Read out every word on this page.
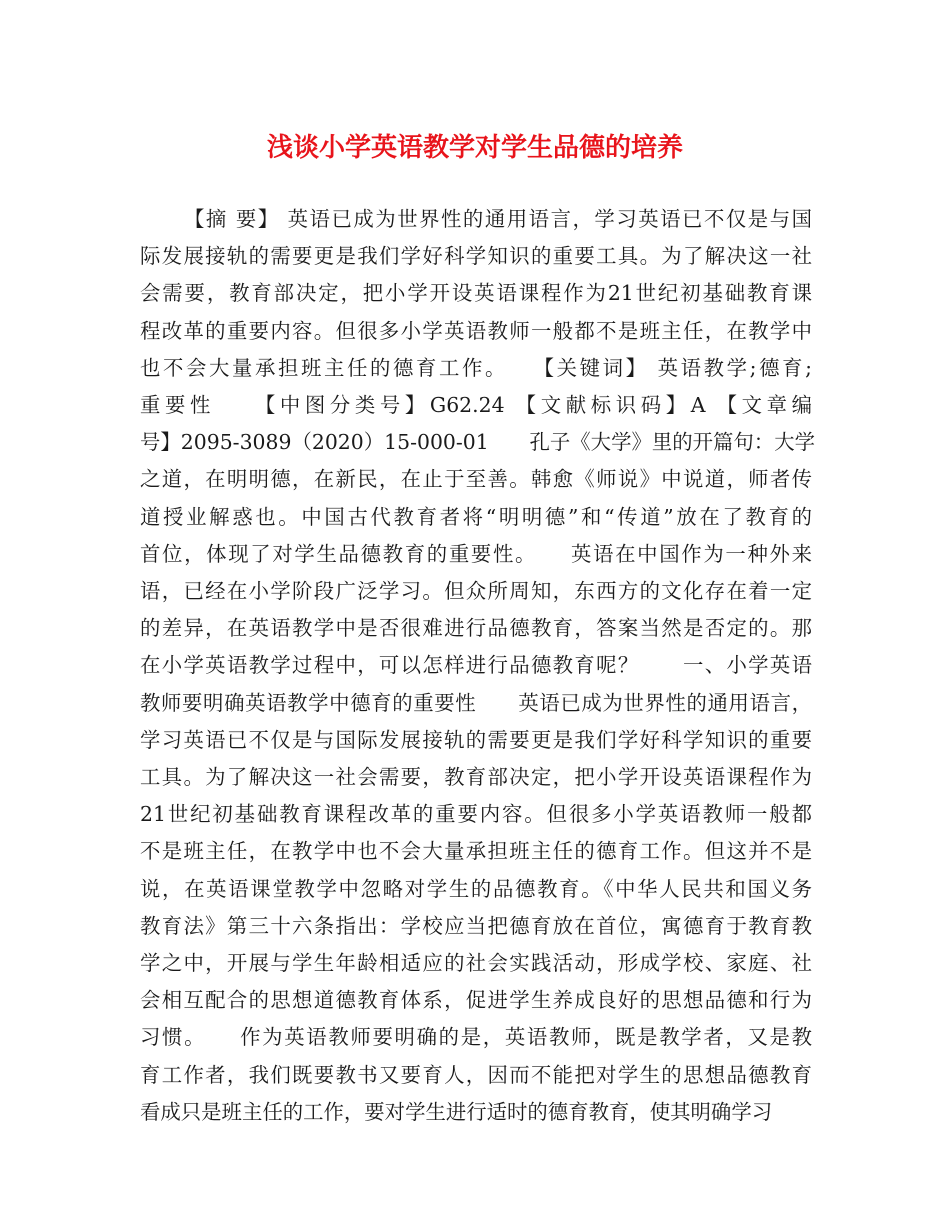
浅谈小学英语教学对学生品德的培养
【摘 要】 英语已成为世界性的通用语言，学习英语已不仅是与国
际发展接轨的需要更是我们学好科学知识的重要工具。为了解决这一社
会需要，教育部决定，把小学开设英语课程作为21世纪初基础教育课
程改革的重要内容。但很多小学英语教师一般都不是班主任，在教学中
也不会大量承担班主任的德育工作。　　【关键词】 英语教学;德育;
重要性　　【中图分类号】G62.24 【文献标识码】A 【文章编
号】2095-3089（2020）15-000-01　　孔子《大学》里的开篇句：大学
之道，在明明德，在新民，在止于至善。韩愈《师说》中说道，师者传
道授业解惑也。中国古代教育者将“明明德”和“传道”放在了教育的
首位，体现了对学生品德教育的重要性。　　英语在中国作为一种外来
语，已经在小学阶段广泛学习。但众所周知，东西方的文化存在着一定
的差异，在英语教学中是否很难进行品德教育，答案当然是否定的。那
在小学英语教学过程中，可以怎样进行品德教育呢？　　一、小学英语
教师要明确英语教学中德育的重要性　　英语已成为世界性的通用语言，
学习英语已不仅是与国际发展接轨的需要更是我们学好科学知识的重要
工具。为了解决这一社会需要，教育部决定，把小学开设英语课程作为
21世纪初基础教育课程改革的重要内容。但很多小学英语教师一般都
不是班主任，在教学中也不会大量承担班主任的德育工作。但这并不是
说，在英语课堂教学中忽略对学生的品德教育。《中华人民共和国义务
教育法》第三十六条指出：学校应当把德育放在首位，寓德育于教育教
学之中，开展与学生年龄相适应的社会实践活动，形成学校、家庭、社
会相互配合的思想道德教育体系，促进学生养成良好的思想品德和行为
习惯。　　作为英语教师要明确的是，英语教师，既是教学者，又是教
育工作者，我们既要教书又要育人，因而不能把对学生的思想品德教育
看成只是班主任的工作，要对学生进行适时的德育教育，使其明确学习
